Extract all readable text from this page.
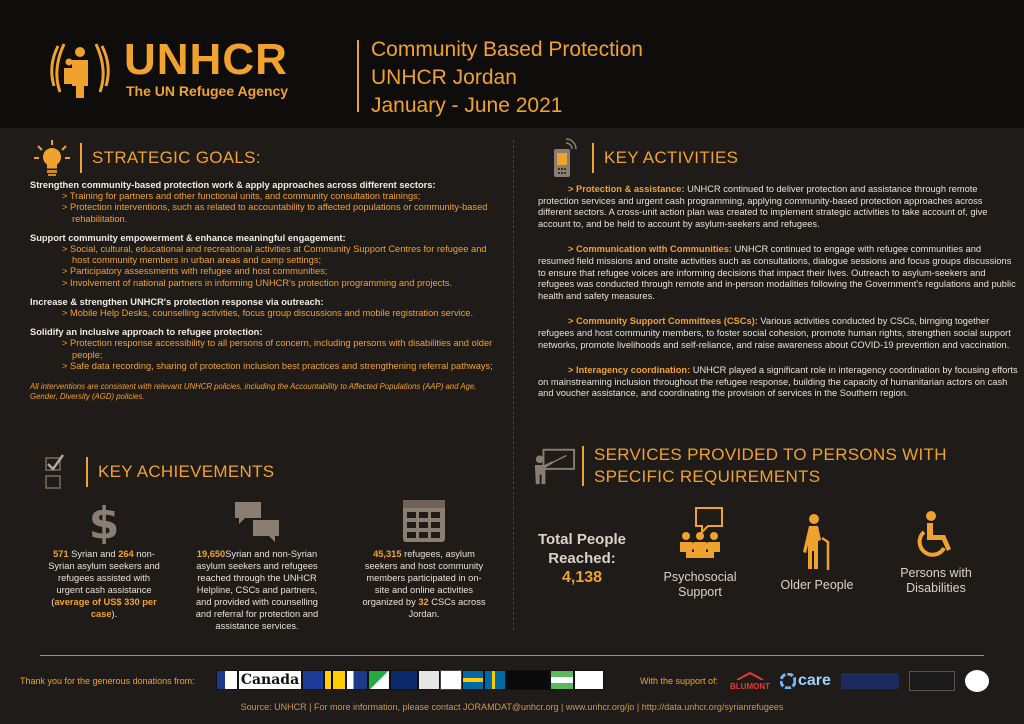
UNHCR
The UN Refugee Agency
Community Based Protection
UNHCR Jordan
January - June 2021
STRATEGIC GOALS:
Strengthen community-based protection work & apply approaches across different sectors:
> Training for partners and other functional units, and community consultation trainings;
> Protection interventions, such as related to accountability to affected populations or community-based rehabilitation.
Support community empowerment & enhance meaningful engagement:
> Social, cultural, educational and recreational activities at Community Support Centres for refugee and host community members in urban areas and camp settings;
> Participatory assessments with refugee and host communities;
> Involvement of national partners in informing UNHCR's protection programming and projects.
Increase & strengthen UNHCR's protection response via outreach:
> Mobile Help Desks, counselling activities, focus group discussions and mobile registration service.
Solidify an inclusive approach to refugee protection:
> Protection response accessibility to all persons of concern, including persons with disabilities and older people;
> Safe data recording, sharing of protection inclusion best practices and strengthening referral pathways;
All interventions are consistent with relevant UNHCR policies, including the Accountability to Affected Populations (AAP) and Age, Gender, Diversity (AGD) policies.
KEY ACHIEVEMENTS
$
571 Syrian and 264 non-Syrian asylum seekers and refugees assisted with urgent cash assistance (average of US$ 330 per case).
19,650Syrian and non-Syrian asylum seekers and refugees reached through the UNHCR Helpline, CSCs and partners, and provided with counselling and referral for protection and assistance services.
45,315 refugees, asylum seekers and host community members participated in on-site and online activities organized by 32 CSCs across Jordan.
KEY ACTIVITIES

> Protection & assistance: UNHCR continued to deliver protection and assistance through remote protection services and urgent cash programming, applying community-based protection approaches across different sectors. A cross-unit action plan was created to implement strategic activities to take account of, give account to, and be held to account by asylum-seekers and refugees.

> Communication with Communities: UNHCR continued to engage with refugee communities and resumed field missions and onsite activities such as consultations, dialogue sessions and focus groups discussions to ensure that refugee voices are informing decisions that impact their lives. Outreach to asylum-seekers and refugees was conducted through remote and in-person modalities following the Government's regulations and public health and safety measures.

> Community Support Committees (CSCs): Various activities conducted by CSCs, birnging together refugees and host community members, to foster social cohesion, promote human rights, strengthen social support networks, promote livelihoods and self-reliance, and raise awareness about COVID-19 prevention and vaccination.

> Interagency coordination: UNHCR played a significant role in interagency coordination by focusing efforts on mainstreaming inclusion throughout the refugee response, building the capacity of humanitarian actors on cash and voucher assistance, and coordinating the provision of services in the Southern region.

SERVICES PROVIDED TO PERSONS WITH
SPECIFIC REQUIREMENTS
Total People
Reached:
4,138	Psychosocial
Support	Older People
Persons with
Disabilities
Thank you for the generous donations from:	Canada	With the support of: BLUMONT care
Source: UNHCR | For more information, please contact JORAMDAT@unhcr.org | www.unhcr.org/jo | http://data.unhcr.org/syrianrefugees
